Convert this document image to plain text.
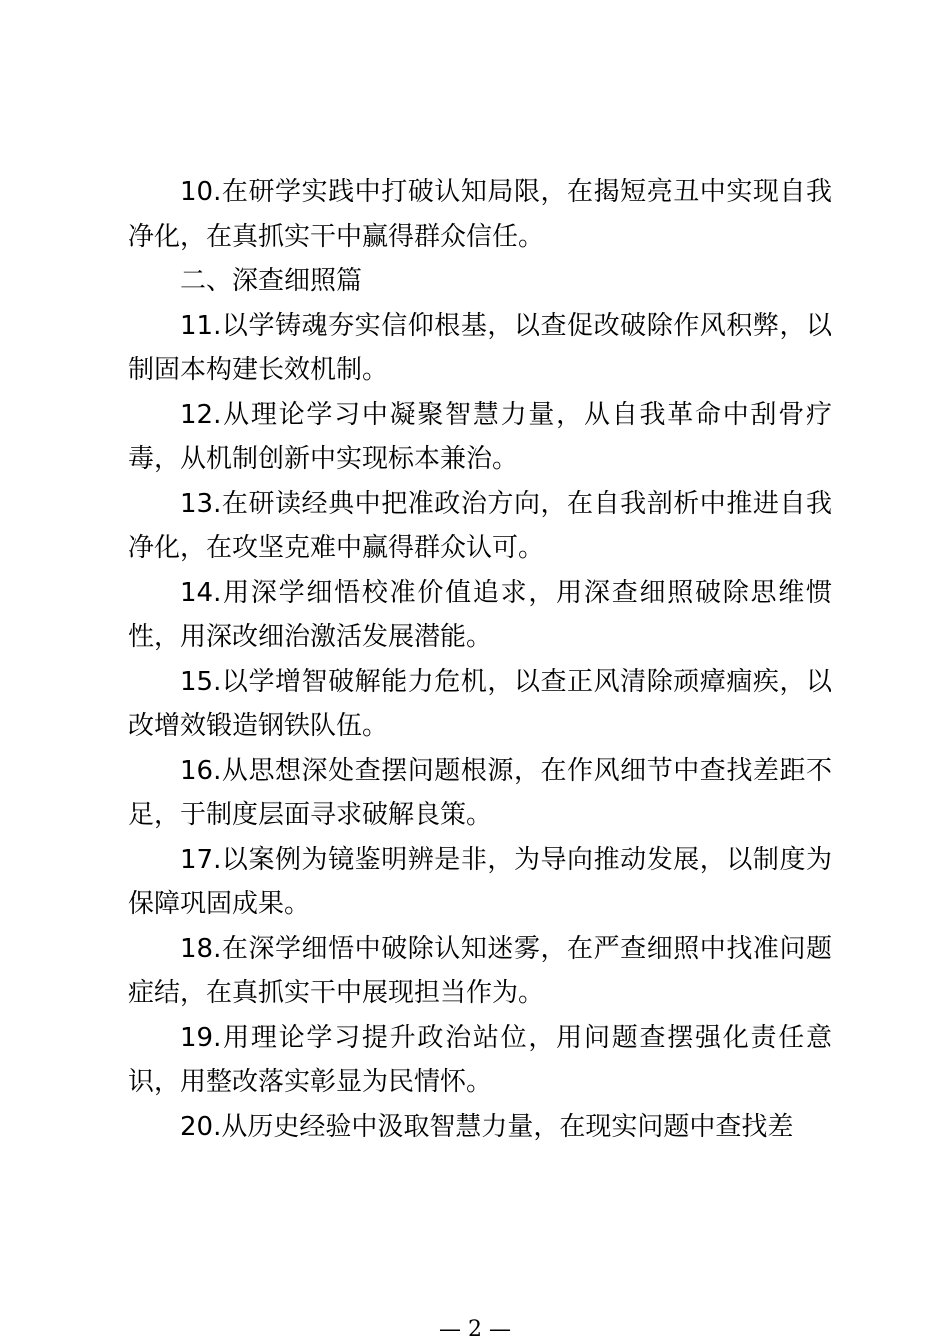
10.在研学实践中打破认知局限，在揭短亮丑中实现自我净化，在真抓实干中赢得群众信任。

二、深查细照篇

11.以学铸魂夯实信仰根基，以查促改破除作风积弊，以制固本构建长效机制。

12.从理论学习中凝聚智慧力量，从自我革命中刮骨疗毒，从机制创新中实现标本兼治。

13.在研读经典中把准政治方向，在自我剖析中推进自我净化，在攻坚克难中赢得群众认可。

14.用深学细悟校准价值追求，用深查细照破除思维惯性，用深改细治激活发展潜能。

15.以学增智破解能力危机，以查正风清除顽瘴痼疾，以改增效锻造钢铁队伍。

16.从思想深处查摆问题根源，在作风细节中查找差距不足，于制度层面寻求破解良策。

17.以案例为镜鉴明辨是非，为导向推动发展，以制度为保障巩固成果。

18.在深学细悟中破除认知迷雾，在严查细照中找准问题症结，在真抓实干中展现担当作为。

19.用理论学习提升政治站位，用问题查摆强化责任意识，用整改落实彰显为民情怀。

20.从历史经验中汲取智慧力量，在现实问题中查找差

— 2 —
